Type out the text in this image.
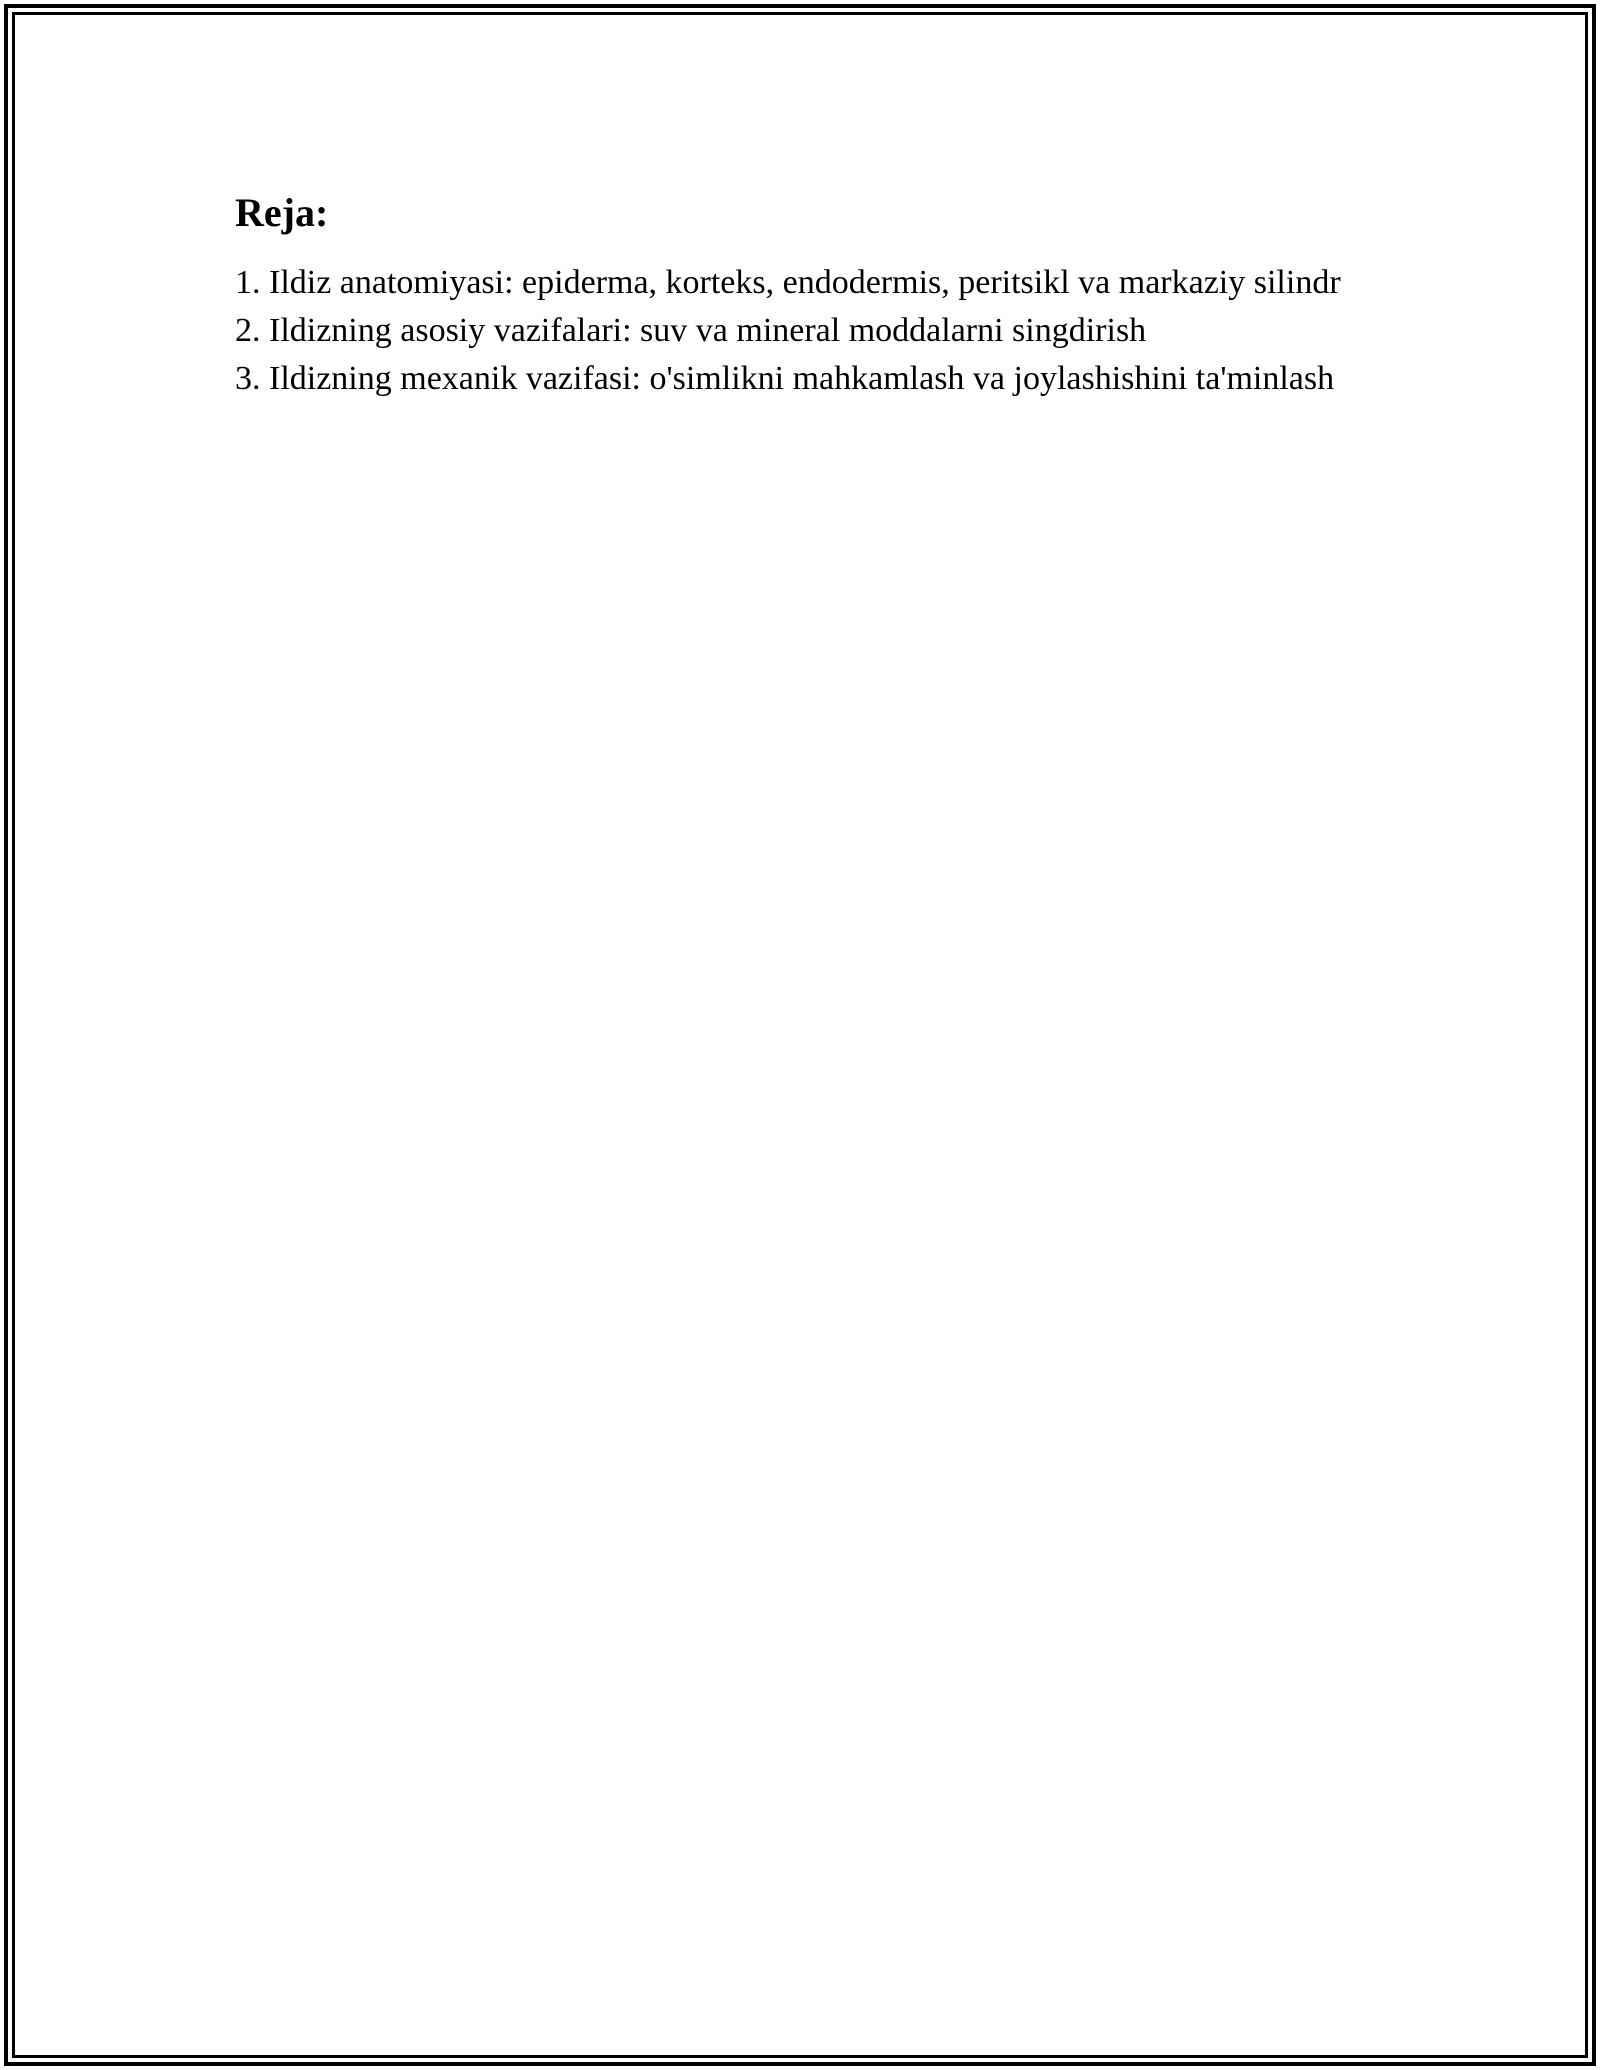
Reja:
1. Ildiz anatomiyasi: epiderma, korteks, endodermis, peritsikl va markaziy silindr
2. Ildizning asosiy vazifalari: suv va mineral moddalarni singdirish
3. Ildizning mexanik vazifasi: o'simlikni mahkamlash va joylashishini ta'minlash
